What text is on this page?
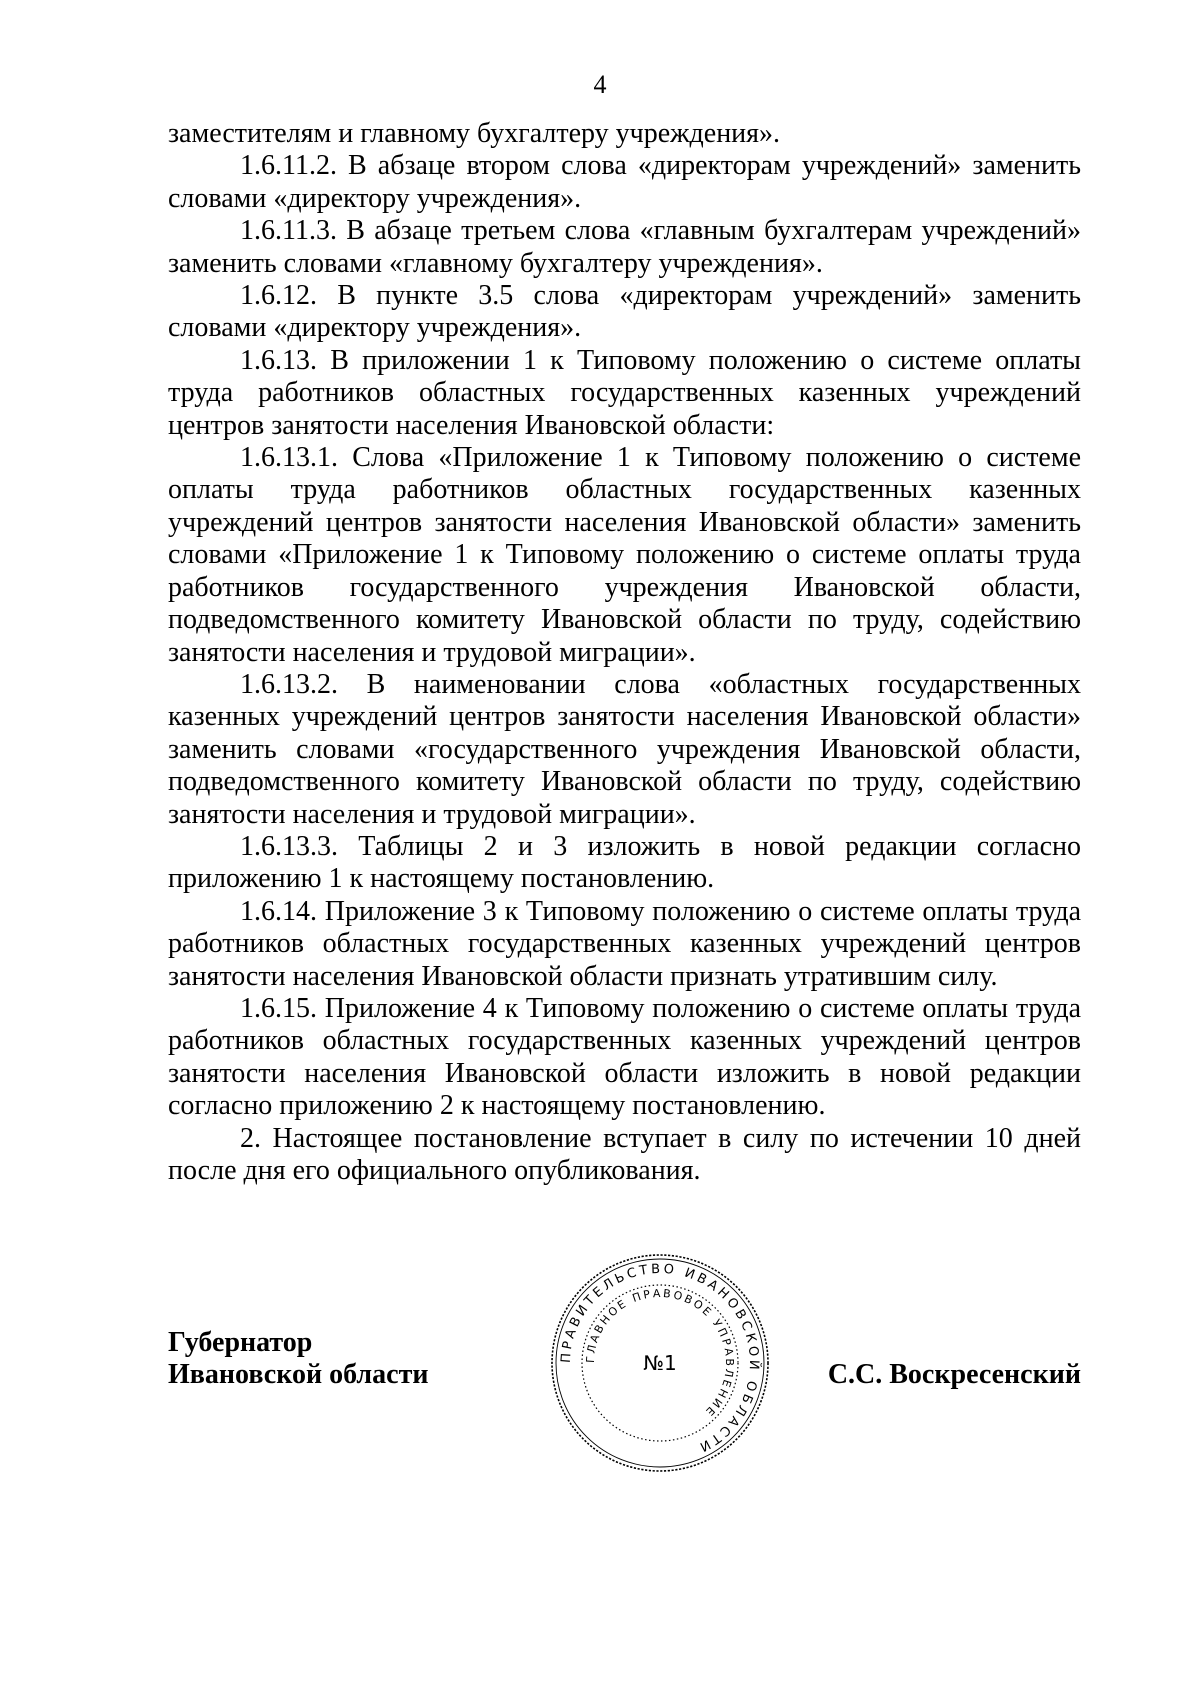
4

заместителям и главному бухгалтеру учреждения».

1.6.11.2. В абзаце втором слова «директорам учреждений» заменить словами «директору учреждения».

1.6.11.3. В абзаце третьем слова «главным бухгалтерам учреждений» заменить словами «главному бухгалтеру учреждения».

1.6.12. В пункте 3.5 слова «директорам учреждений» заменить словами «директору учреждения».

1.6.13. В приложении 1 к Типовому положению о системе оплаты труда работников областных государственных казенных учреждений центров занятости населения Ивановской области:

1.6.13.1. Слова «Приложение 1 к Типовому положению о системе оплаты труда работников областных государственных казенных учреждений центров занятости населения Ивановской области» заменить словами «Приложение 1 к Типовому положению о системе оплаты труда работников государственного учреждения Ивановской области, подведомственного комитету Ивановской области по труду, содействию занятости населения и трудовой миграции».

1.6.13.2. В наименовании слова «областных государственных казенных учреждений центров занятости населения Ивановской области» заменить словами «государственного учреждения Ивановской области, подведомственного комитету Ивановской области по труду, содействию занятости населения и трудовой миграции».

1.6.13.3. Таблицы 2 и 3 изложить в новой редакции согласно приложению 1 к настоящему постановлению.

1.6.14. Приложение 3 к Типовому положению о системе оплаты труда работников областных государственных казенных учреждений центров занятости населения Ивановской области признать утратившим силу.

1.6.15. Приложение 4 к Типовому положению о системе оплаты труда работников областных государственных казенных учреждений центров занятости населения Ивановской области изложить в новой редакции согласно приложению 2 к настоящему постановлению.

2. Настоящее постановление вступает в силу по истечении 10 дней после дня его официального опубликования.

Губернатор
Ивановской области	С.С. Воскресенский
ПРАВИТЕЛЬСТВО ИВАНОВСКОЙ ОБЛАСТИ
ГЛАВНОЕ ПРАВОВОЕ УПРАВЛЕНИЕ
№1
